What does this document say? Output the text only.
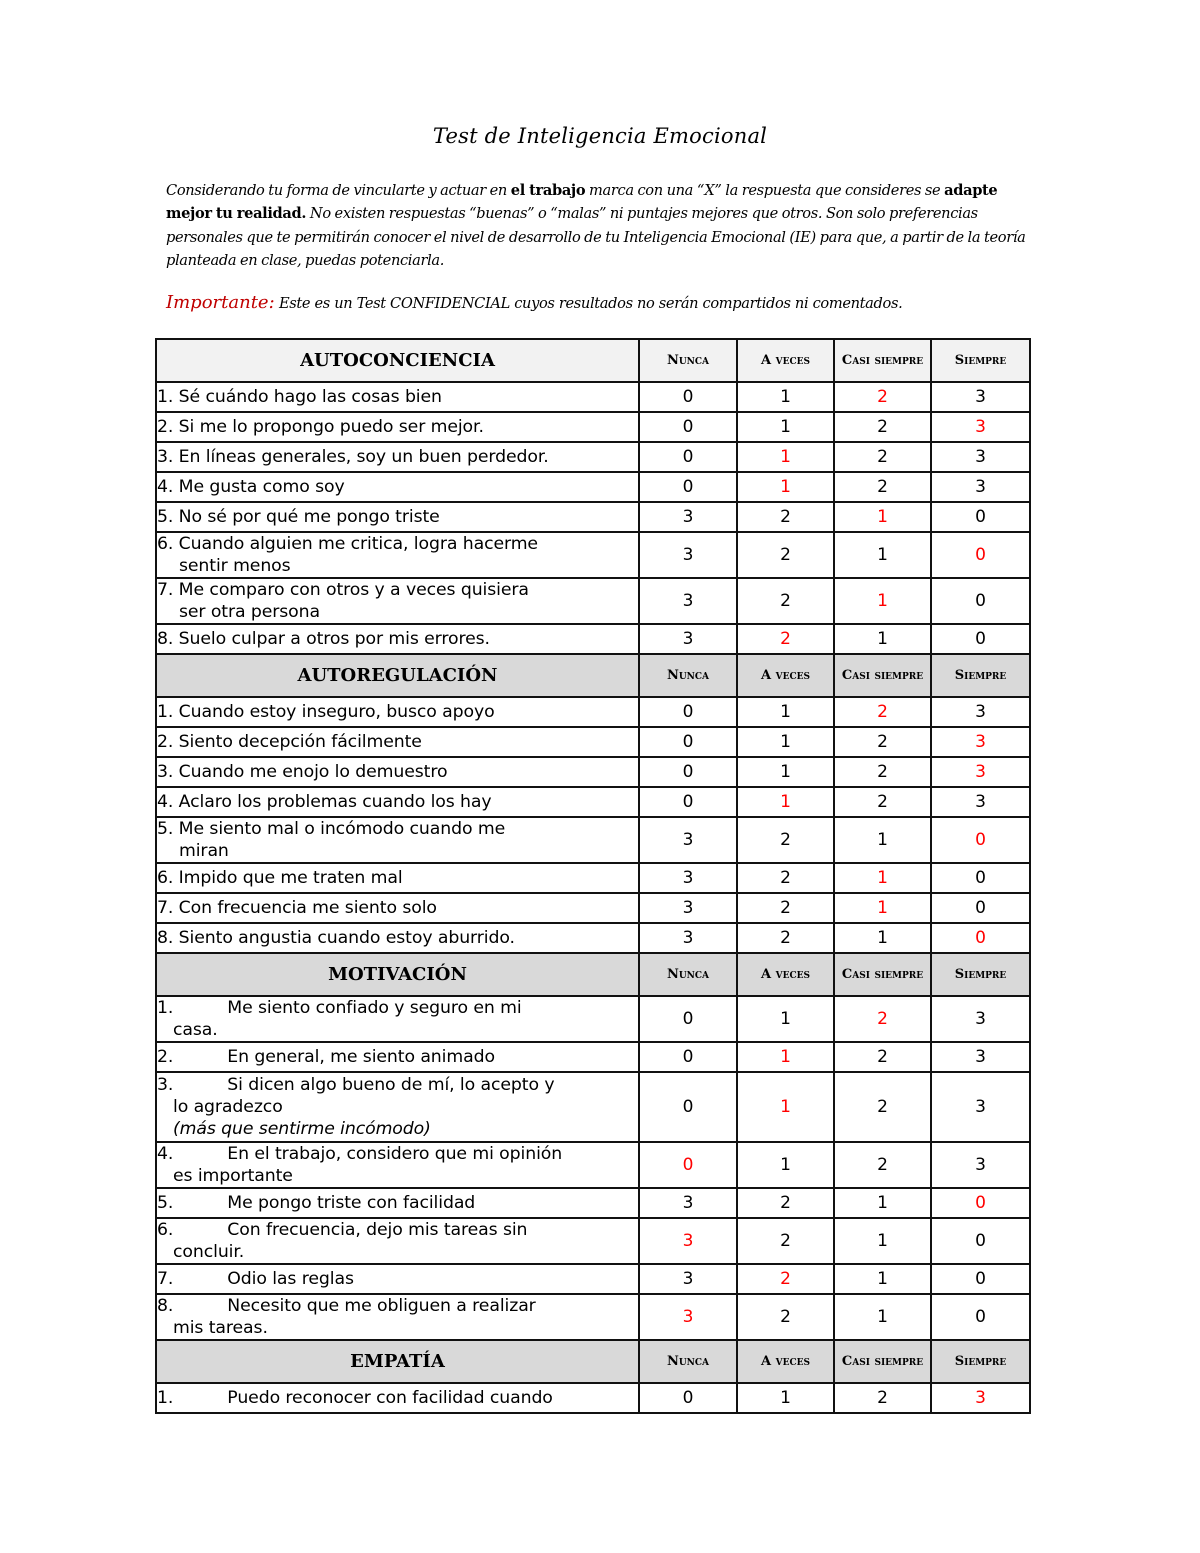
Test de Inteligencia Emocional
Considerando tu forma de vincularte y actuar en el trabajo marca con una “X” la respuesta que consideres se adapte mejor tu realidad. No existen respuestas “buenas” o “malas” ni puntajes mejores que otros. Son solo preferencias personales que te permitirán conocer el nivel de desarrollo de tu Inteligencia Emocional (IE) para que, a partir de la teoría planteada en clase, puedas potenciarla.
Importante: Este es un Test CONFIDENCIAL cuyos resultados no serán compartidos ni comentados.
AUTOCONCIENCIA	Nunca	A veces	Casi siempre	Siempre
1. Sé cuándo hago las cosas bien	0	1	2	3
2. Si me lo propongo puedo ser mejor.	0	1	2	3
3. En líneas generales, soy un buen perdedor.	0	1	2	3
4. Me gusta como soy	0	1	2	3
5. No sé por qué me pongo triste	3	2	1	0
6. Cuando alguien me critica, logra hacerme
sentir menos	3	2	1	0
7. Me comparo con otros y a veces quisiera
ser otra persona	3	2	1	0
8. Suelo culpar a otros por mis errores.	3	2	1	0
AUTOREGULACIÓN	Nunca	A veces	Casi siempre	Siempre
1. Cuando estoy inseguro, busco apoyo	0	1	2	3
2. Siento decepción fácilmente	0	1	2	3
3. Cuando me enojo lo demuestro	0	1	2	3
4. Aclaro los problemas cuando los hay	0	1	2	3
5. Me siento mal o incómodo cuando me
miran	3	2	1	0
6. Impido que me traten mal	3	2	1	0
7. Con frecuencia me siento solo	3	2	1	0
8. Siento angustia cuando estoy aburrido.	3	2	1	0
MOTIVACIÓN	Nunca	A veces	Casi siempre	Siempre
1. Me siento confiado y seguro en mi
casa.	0	1	2	3
2. En general, me siento animado	0	1	2	3
3. Si dicen algo bueno de mí, lo acepto y
lo agradezco
(más que sentirme incómodo)	0	1	2	3
4. En el trabajo, considero que mi opinión
es importante	0	1	2	3
5. Me pongo triste con facilidad	3	2	1	0
6. Con frecuencia, dejo mis tareas sin
concluir.	3	2	1	0
7. Odio las reglas	3	2	1	0
8. Necesito que me obliguen a realizar
mis tareas.	3	2	1	0
EMPATÍA	Nunca	A veces	Casi siempre	Siempre
1. Puedo reconocer con facilidad cuando	0	1	2	3
